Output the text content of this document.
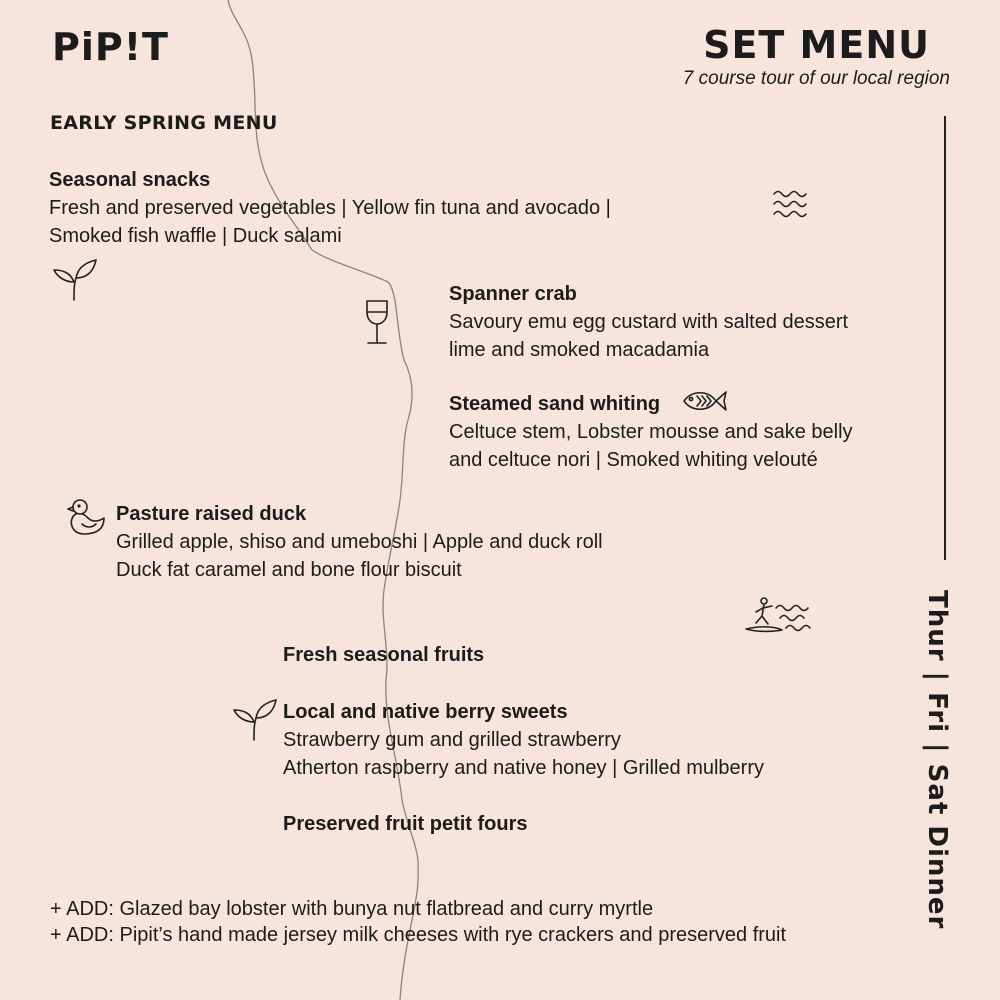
PiP!T	SET MENU
7 course tour of our local region
EARLY SPRING MENU
Seasonal snacks
Fresh and preserved vegetables | Yellow fin tuna and avocado |
Smoked fish waffle | Duck salami
Spanner crab
Savoury emu egg custard with salted dessert
lime and smoked macadamia
Steamed sand whiting
Celtuce stem, Lobster mousse and sake belly
and celtuce nori | Smoked whiting velouté
Pasture raised duck
Grilled apple, shiso and umeboshi | Apple and duck roll
Duck fat caramel and bone flour biscuit
Fresh seasonal fruits
Local and native berry sweets
Strawberry gum and grilled strawberry
Atherton raspberry and native honey | Grilled mulberry
Preserved fruit petit fours
+ ADD: Glazed bay lobster with bunya nut flatbread and curry myrtle
+ ADD: Pipit’s hand made jersey milk cheeses with rye crackers and preserved fruit
Thur | Fri | Sat Dinner
